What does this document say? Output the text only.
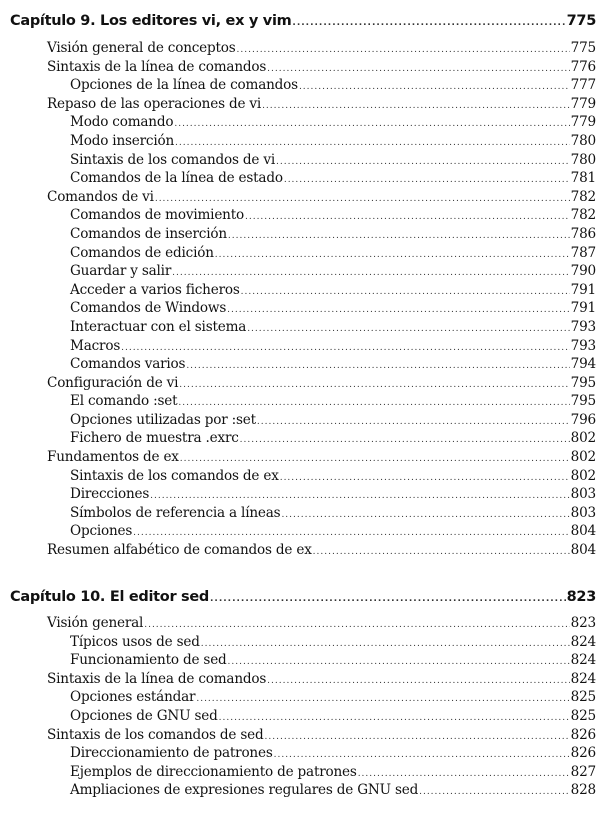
Capítulo 9. Los editores vi, ex y vim .....	775
Visión general de conceptos .....	775
Sintaxis de la línea de comandos .....	776
Opciones de la línea de comandos .....	777
Repaso de las operaciones de vi .....	779
Modo comando .....	779
Modo inserción .....	780
Sintaxis de los comandos de vi .....	780
Comandos de la línea de estado .....	781
Comandos de vi .....	782
Comandos de movimiento .....	782
Comandos de inserción .....	786
Comandos de edición .....	787
Guardar y salir .....	790
Acceder a varios ficheros .....	791
Comandos de Windows .....	791
Interactuar con el sistema .....	793
Macros .....	793
Comandos varios .....	794
Configuración de vi .....	795
El comando :set .....	795
Opciones utilizadas por :set .....	796
Fichero de muestra .exrc .....	802
Fundamentos de ex .....	802
Sintaxis de los comandos de ex .....	802
Direcciones .....	803
Símbolos de referencia a líneas .....	803
Opciones .....	804
Resumen alfabético de comandos de ex .....	804
Capítulo 10. El editor sed .....	823
Visión general .....	823
Típicos usos de sed .....	824
Funcionamiento de sed .....	824
Sintaxis de la línea de comandos .....	824
Opciones estándar .....	825
Opciones de GNU sed .....	825
Sintaxis de los comandos de sed .....	826
Direccionamiento de patrones .....	826
Ejemplos de direccionamiento de patrones .....	827
Ampliaciones de expresiones regulares de GNU sed .....	828
